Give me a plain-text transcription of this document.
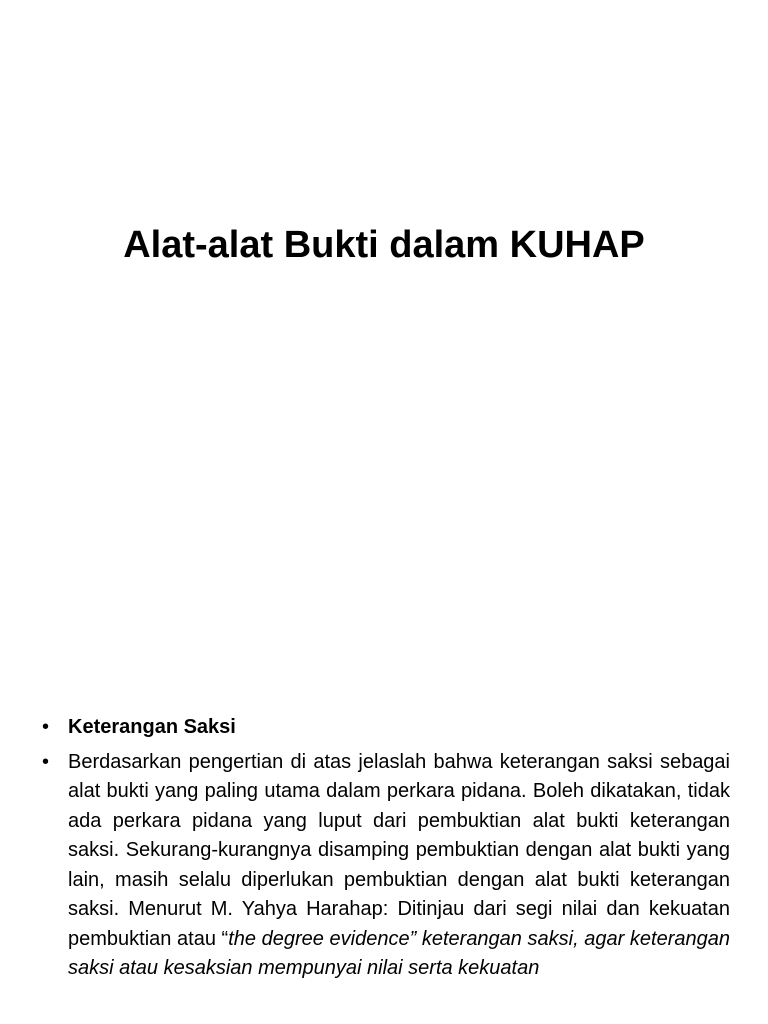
Alat-alat Bukti dalam KUHAP
• Keterangan Saksi
• Berdasarkan pengertian di atas jelaslah bahwa keterangan saksi sebagai alat bukti yang paling utama dalam perkara pidana. Boleh dikatakan, tidak ada perkara pidana yang luput dari pembuktian alat bukti keterangan saksi. Sekurang-kurangnya disamping pembuktian dengan alat bukti yang lain, masih selalu diperlukan pembuktian dengan alat bukti keterangan saksi. Menurut M. Yahya Harahap: Ditinjau dari segi nilai dan kekuatan pembuktian atau “the degree evidence” keterangan saksi, agar keterangan saksi atau kesaksian mempunyai nilai serta kekuatan
